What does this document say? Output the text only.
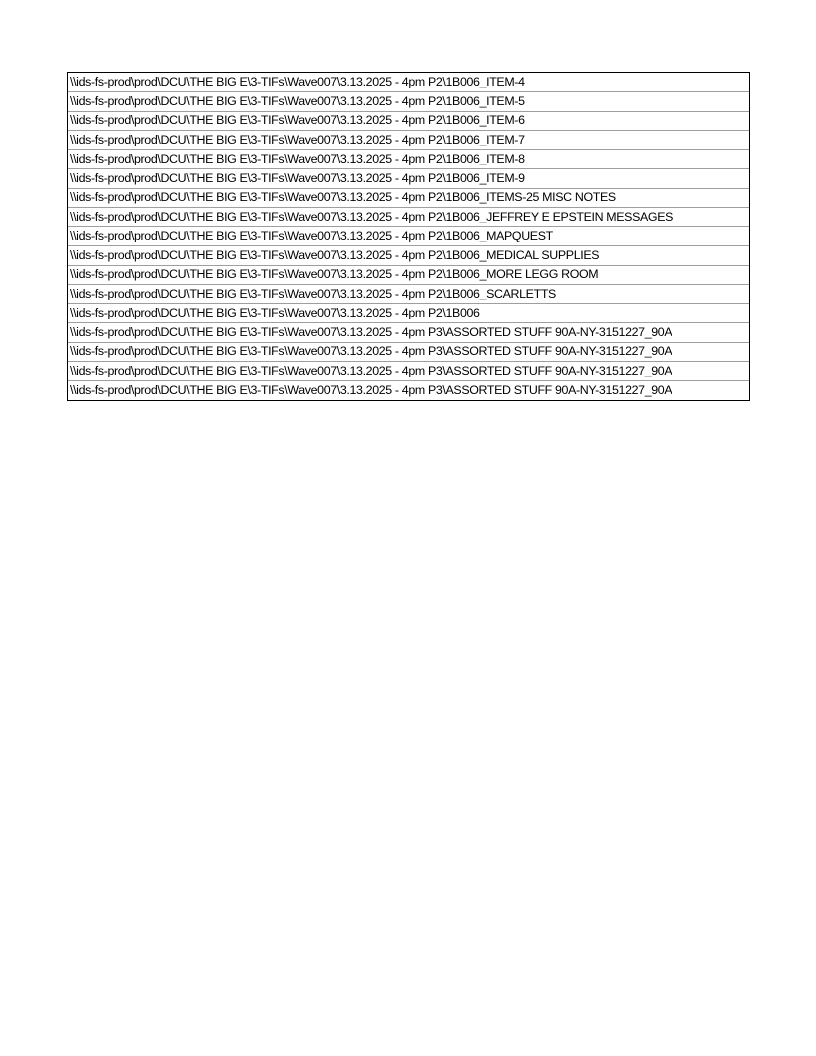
\\ids-fs-prod\prod\DCU\THE BIG E\3-TIFs\Wave007\3.13.2025 - 4pm P2\1B006_ITEM-4
\\ids-fs-prod\prod\DCU\THE BIG E\3-TIFs\Wave007\3.13.2025 - 4pm P2\1B006_ITEM-5
\\ids-fs-prod\prod\DCU\THE BIG E\3-TIFs\Wave007\3.13.2025 - 4pm P2\1B006_ITEM-6
\\ids-fs-prod\prod\DCU\THE BIG E\3-TIFs\Wave007\3.13.2025 - 4pm P2\1B006_ITEM-7
\\ids-fs-prod\prod\DCU\THE BIG E\3-TIFs\Wave007\3.13.2025 - 4pm P2\1B006_ITEM-8
\\ids-fs-prod\prod\DCU\THE BIG E\3-TIFs\Wave007\3.13.2025 - 4pm P2\1B006_ITEM-9
\\ids-fs-prod\prod\DCU\THE BIG E\3-TIFs\Wave007\3.13.2025 - 4pm P2\1B006_ITEMS-25 MISC NOTES
\\ids-fs-prod\prod\DCU\THE BIG E\3-TIFs\Wave007\3.13.2025 - 4pm P2\1B006_JEFFREY E EPSTEIN MESSAGES
\\ids-fs-prod\prod\DCU\THE BIG E\3-TIFs\Wave007\3.13.2025 - 4pm P2\1B006_MAPQUEST
\\ids-fs-prod\prod\DCU\THE BIG E\3-TIFs\Wave007\3.13.2025 - 4pm P2\1B006_MEDICAL SUPPLIES
\\ids-fs-prod\prod\DCU\THE BIG E\3-TIFs\Wave007\3.13.2025 - 4pm P2\1B006_MORE LEGG ROOM
\\ids-fs-prod\prod\DCU\THE BIG E\3-TIFs\Wave007\3.13.2025 - 4pm P2\1B006_SCARLETTS
\\ids-fs-prod\prod\DCU\THE BIG E\3-TIFs\Wave007\3.13.2025 - 4pm P2\1B006
\\ids-fs-prod\prod\DCU\THE BIG E\3-TIFs\Wave007\3.13.2025 - 4pm P3\ASSORTED STUFF 90A-NY-3151227_90A
\\ids-fs-prod\prod\DCU\THE BIG E\3-TIFs\Wave007\3.13.2025 - 4pm P3\ASSORTED STUFF 90A-NY-3151227_90A
\\ids-fs-prod\prod\DCU\THE BIG E\3-TIFs\Wave007\3.13.2025 - 4pm P3\ASSORTED STUFF 90A-NY-3151227_90A
\\ids-fs-prod\prod\DCU\THE BIG E\3-TIFs\Wave007\3.13.2025 - 4pm P3\ASSORTED STUFF 90A-NY-3151227_90A
